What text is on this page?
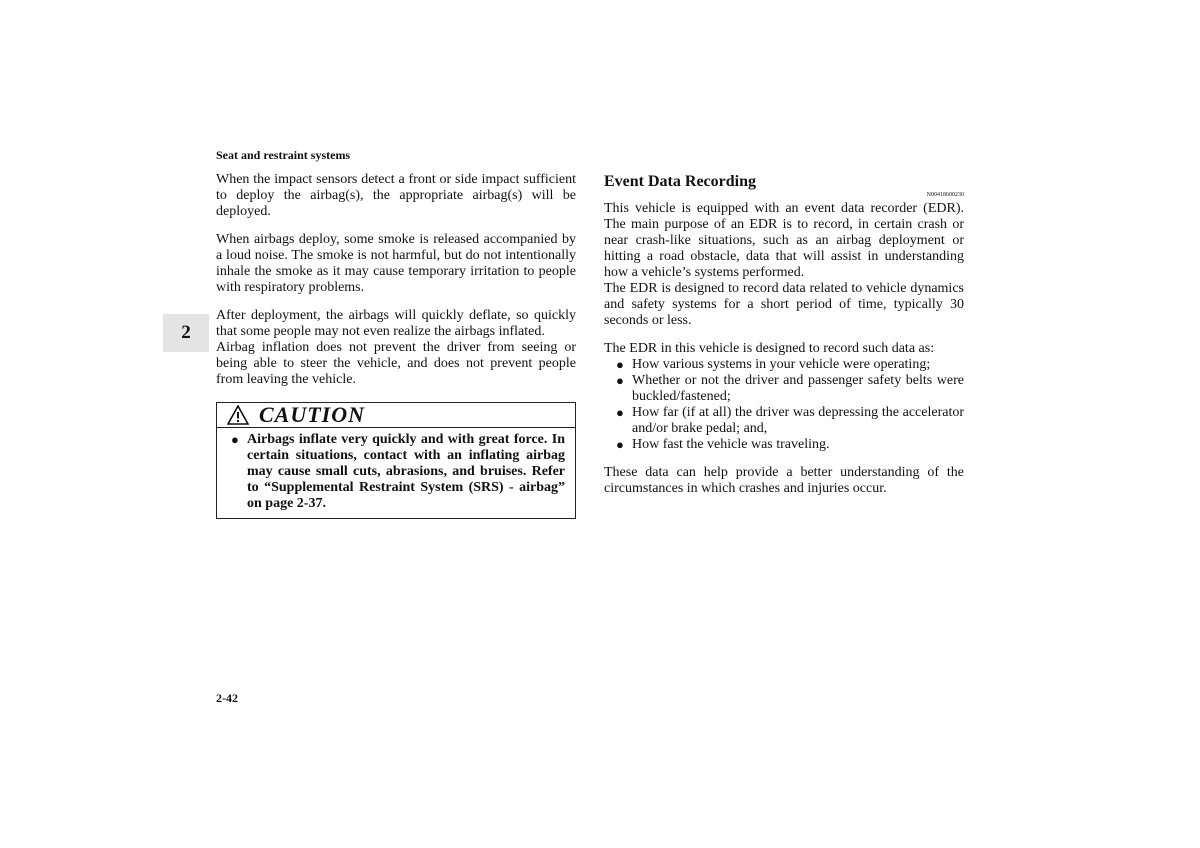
Seat and restraint systems
2

When the impact sensors detect a front or side impact sufficient to deploy the airbag(s), the appropriate airbag(s) will be deployed.

When airbags deploy, some smoke is released accompanied by a loud noise. The smoke is not harmful, but do not intentionally inhale the smoke as it may cause temporary irritation to people with respiratory problems.

After deployment, the airbags will quickly deflate, so quickly that some people may not even realize the airbags inflated.

Airbag inflation does not prevent the driver from seeing or being able to steer the vehicle, and does not prevent people from leaving the vehicle.

CAUTION
● Airbags inflate very quickly and with great force. In certain situations, contact with an inflating airbag may cause small cuts, abrasions, and bruises. Refer to “Supplemental Restraint System (SRS) - airbag” on page 2-37.
Event Data Recording
N00418600230

This vehicle is equipped with an event data recorder (EDR). The main purpose of an EDR is to record, in certain crash or near crash-like situations, such as an airbag deployment or hitting a road obstacle, data that will assist in understanding how a vehicle’s systems performed.

The EDR is designed to record data related to vehicle dynamics and safety systems for a short period of time, typically 30 seconds or less.

The EDR in this vehicle is designed to record such data as:

● How various systems in your vehicle were operating;
● Whether or not the driver and passenger safety belts were buckled/fastened;
● How far (if at all) the driver was depressing the accelerator and/or brake pedal; and,
● How fast the vehicle was traveling.

These data can help provide a better understanding of the circumstances in which crashes and injuries occur.

2-42
